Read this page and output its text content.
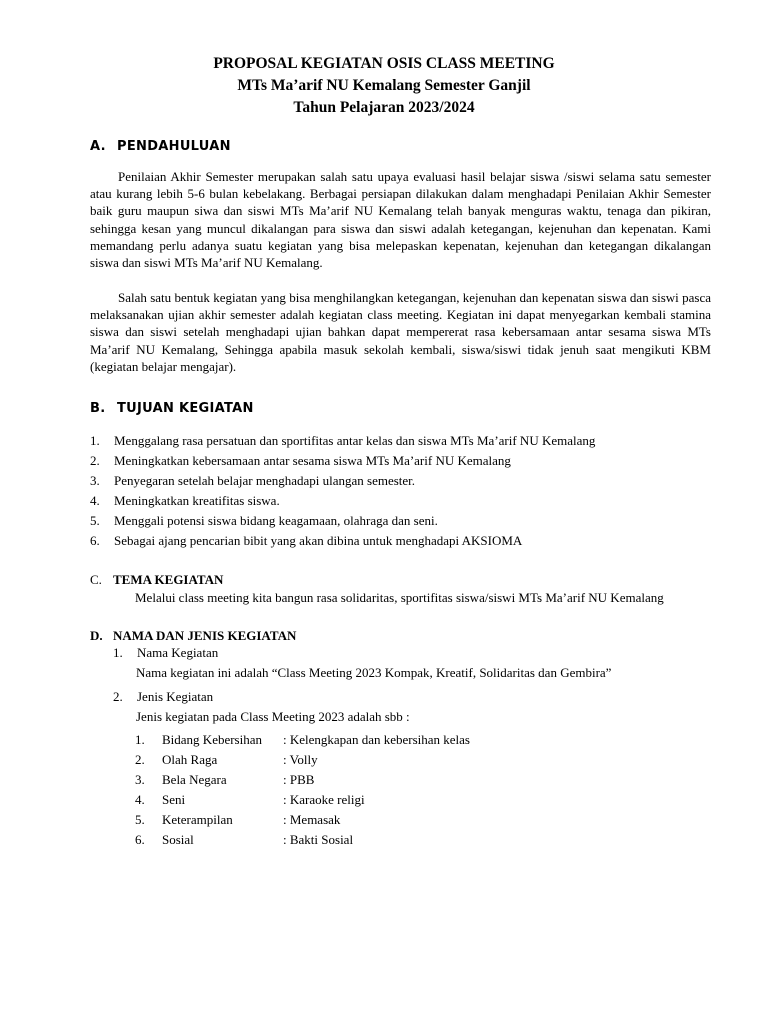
PROPOSAL KEGIATAN OSIS CLASS MEETING
MTs Ma’arif NU Kemalang Semester Ganjil
Tahun Pelajaran 2023/2024
A. PENDAHULUAN

Penilaian Akhir Semester merupakan salah satu upaya evaluasi hasil belajar siswa /siswi selama satu semester atau kurang lebih 5-6 bulan kebelakang. Berbagai persiapan dilakukan dalam menghadapi Penilaian Akhir Semester baik guru maupun siwa dan siswi MTs Ma’arif NU Kemalang telah banyak menguras waktu, tenaga dan pikiran, sehingga kesan yang muncul dikalangan para siswa dan siswi adalah ketegangan, kejenuhan dan kepenatan. Kami memandang perlu adanya suatu kegiatan yang bisa melepaskan kepenatan, kejenuhan dan ketegangan dikalangan siswa dan siswi MTs Ma’arif NU Kemalang.

Salah satu bentuk kegiatan yang bisa menghilangkan ketegangan, kejenuhan dan kepenatan siswa dan siswi pasca melaksanakan ujian akhir semester adalah kegiatan class meeting. Kegiatan ini dapat menyegarkan kembali stamina siswa dan siswi setelah menghadapi ujian bahkan dapat mempererat rasa kebersamaan antar sesama siswa MTs Ma’arif NU Kemalang, Sehingga apabila masuk sekolah kembali, siswa/siswi tidak jenuh saat mengikuti KBM (kegiatan belajar mengajar).

B. TUJUAN KEGIATAN
1. Menggalang rasa persatuan dan sportifitas antar kelas dan siswa MTs Ma’arif NU Kemalang
2. Meningkatkan kebersamaan antar sesama siswa MTs Ma’arif NU Kemalang
3. Penyegaran setelah belajar menghadapi ulangan semester.
4. Meningkatkan kreatifitas siswa.
5. Menggali potensi siswa bidang keagamaan, olahraga dan seni.
6. Sebagai ajang pencarian bibit yang akan dibina untuk menghadapi AKSIOMA
C. TEMA KEGIATAN

Melalui class meeting kita bangun rasa solidaritas, sportifitas siswa/siswi MTs Ma’arif NU Kemalang

D. NAMA DAN JENIS KEGIATAN
1. Nama Kegiatan
Nama kegiatan ini adalah “Class Meeting 2023 Kompak, Kreatif, Solidaritas dan Gembira”
2. Jenis Kegiatan
Jenis kegiatan pada Class Meeting 2023 adalah sbb :
1.	Bidang Kebersihan	: Kelengkapan dan kebersihan kelas
2.	Olah Raga	: Volly
3.	Bela Negara	: PBB
4.	Seni	: Karaoke religi
5.	Keterampilan	: Memasak
6.	Sosial	: Bakti Sosial
